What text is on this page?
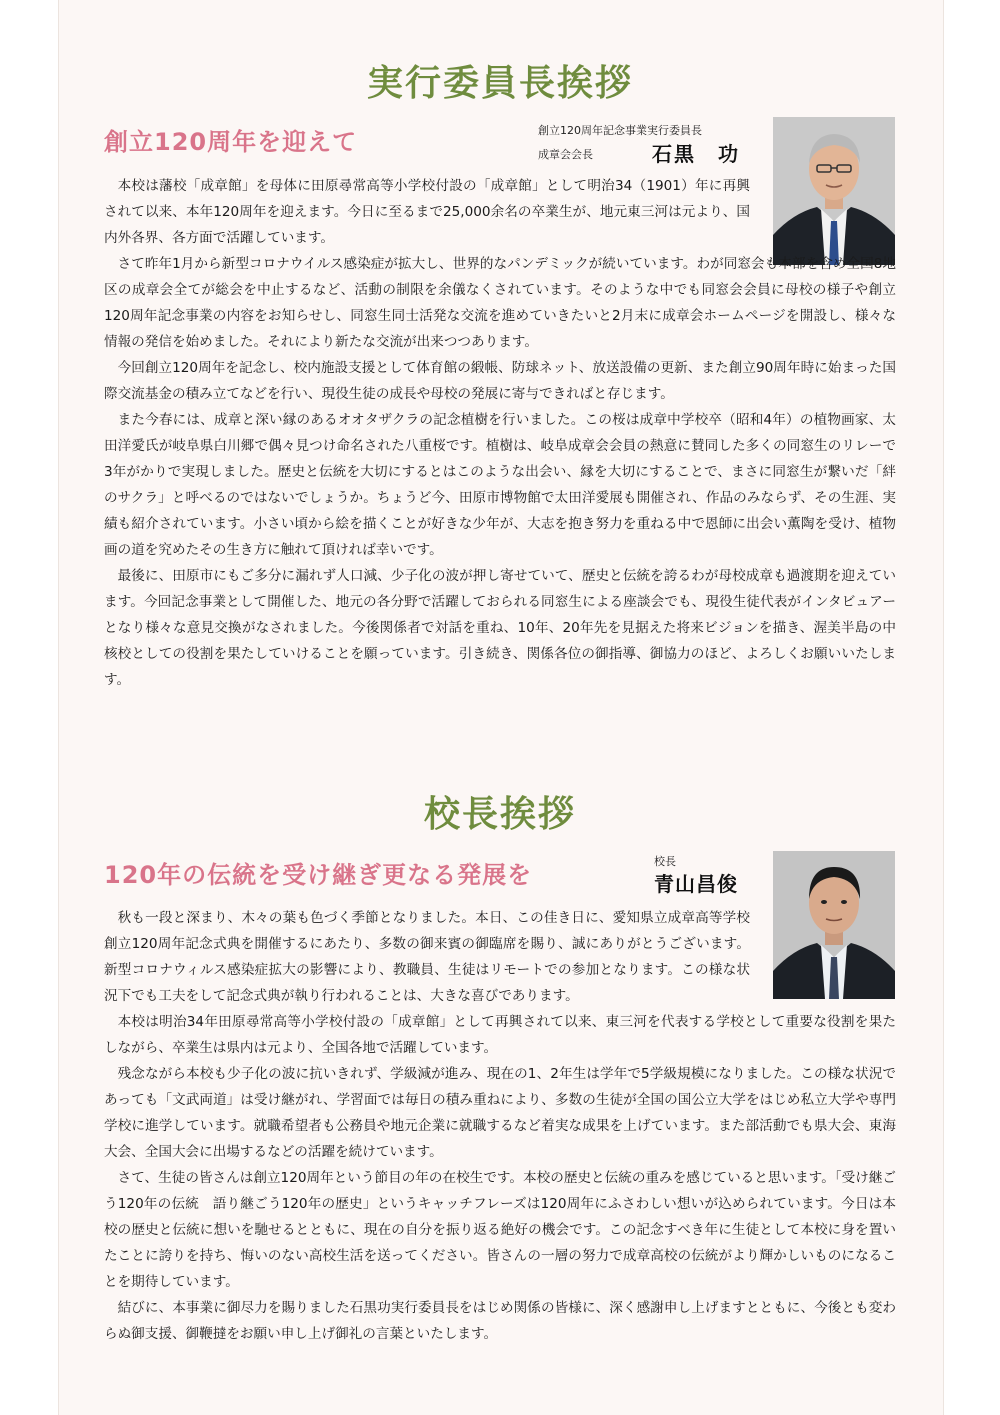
実行委員長挨拶
創立120周年を迎えて	創立120周年記念事業実行委員長
成章会会長	石黒　功

本校は藩校「成章館」を母体に田原尋常高等小学校付設の「成章館」として明治34（1901）年に再興されて以来、本年120周年を迎えます。今日に至るまで25,000余名の卒業生が、地元東三河は元より、国内外各界、各方面で活躍しています。

さて昨年1月から新型コロナウイルス感染症が拡大し、世界的なパンデミックが続いています。わが同窓会も本部を含め全国8地区の成章会全てが総会を中止するなど、活動の制限を余儀なくされています。そのような中でも同窓会会員に母校の様子や創立120周年記念事業の内容をお知らせし、同窓生同士活発な交流を進めていきたいと2月末に成章会ホームページを開設し、様々な情報の発信を始めました。それにより新たな交流が出来つつあります。

今回創立120周年を記念し、校内施設支援として体育館の緞帳、防球ネット、放送設備の更新、また創立90周年時に始まった国際交流基金の積み立てなどを行い、現役生徒の成長や母校の発展に寄与できればと存じます。

また今春には、成章と深い縁のあるオオタザクラの記念植樹を行いました。この桜は成章中学校卒（昭和4年）の植物画家、太田洋愛氏が岐阜県白川郷で偶々見つけ命名された八重桜です。植樹は、岐阜成章会会員の熱意に賛同した多くの同窓生のリレーで3年がかりで実現しました。歴史と伝統を大切にするとはこのような出会い、縁を大切にすることで、まさに同窓生が繋いだ「絆のサクラ」と呼べるのではないでしょうか。ちょうど今、田原市博物館で太田洋愛展も開催され、作品のみならず、その生涯、実績も紹介されています。小さい頃から絵を描くことが好きな少年が、大志を抱き努力を重ねる中で恩師に出会い薫陶を受け、植物画の道を究めたその生き方に触れて頂ければ幸いです。

最後に、田原市にもご多分に漏れず人口減、少子化の波が押し寄せていて、歴史と伝統を誇るわが母校成章も過渡期を迎えています。今回記念事業として開催した、地元の各分野で活躍しておられる同窓生による座談会でも、現役生徒代表がインタビュアーとなり様々な意見交換がなされました。今後関係者で対話を重ね、10年、20年先を見据えた将来ビジョンを描き、渥美半島の中核校としての役割を果たしていけることを願っています。引き続き、関係各位の御指導、御協力のほど、よろしくお願いいたします。

校長挨拶
120年の伝統を受け継ぎ更なる発展を	校長
青山昌俊

秋も一段と深まり、木々の葉も色づく季節となりました。本日、この佳き日に、愛知県立成章高等学校創立120周年記念式典を開催するにあたり、多数の御来賓の御臨席を賜り、誠にありがとうございます。新型コロナウィルス感染症拡大の影響により、教職員、生徒はリモートでの参加となります。この様な状況下でも工夫をして記念式典が執り行われることは、大きな喜びであります。

本校は明治34年田原尋常高等小学校付設の「成章館」として再興されて以来、東三河を代表する学校として重要な役割を果たしながら、卒業生は県内は元より、全国各地で活躍しています。

残念ながら本校も少子化の波に抗いきれず、学級減が進み、現在の1、2年生は学年で5学級規模になりました。この様な状況であっても「文武両道」は受け継がれ、学習面では毎日の積み重ねにより、多数の生徒が全国の国公立大学をはじめ私立大学や専門学校に進学しています。就職希望者も公務員や地元企業に就職するなど着実な成果を上げています。また部活動でも県大会、東海大会、全国大会に出場するなどの活躍を続けています。

さて、生徒の皆さんは創立120周年という節目の年の在校生です。本校の歴史と伝統の重みを感じていると思います。「受け継ごう120年の伝統　語り継ごう120年の歴史」というキャッチフレーズは120周年にふさわしい想いが込められています。今日は本校の歴史と伝統に想いを馳せるとともに、現在の自分を振り返る絶好の機会です。この記念すべき年に生徒として本校に身を置いたことに誇りを持ち、悔いのない高校生活を送ってください。皆さんの一層の努力で成章高校の伝統がより輝かしいものになることを期待しています。

結びに、本事業に御尽力を賜りました石黒功実行委員長をはじめ関係の皆様に、深く感謝申し上げますとともに、今後とも変わらぬ御支援、御鞭撻をお願い申し上げ御礼の言葉といたします。
